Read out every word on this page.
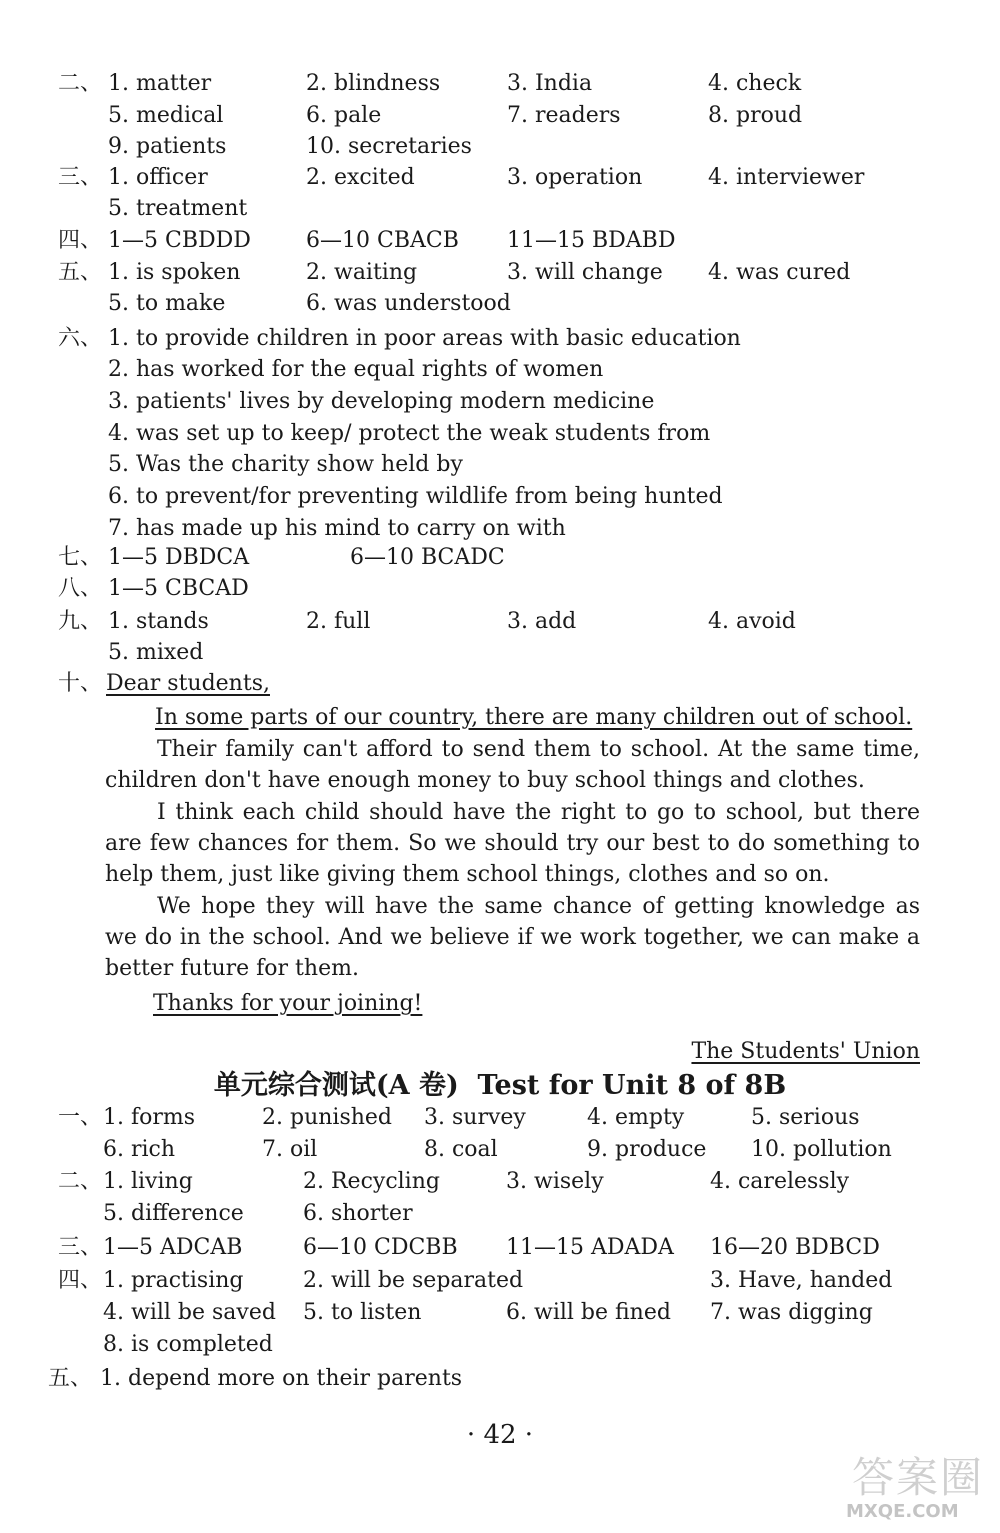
二、 1. matter	2. blindness	3. India	4. check
5. medical	6. pale	7. readers	8. proud
9. patients	10. secretaries
三、 1. officer	2. excited	3. operation	4. interviewer
5. treatment
四、 1—5 CBDDD	6—10 CBACB 11—15 BDABD
五、 1. is spoken	2. waiting	3. will change 4. was cured
5. to make	6. was understood
六、 1. to provide children in poor areas with basic education
2. has worked for the equal rights of women
3. patients' lives by developing modern medicine
4. was set up to keep/ protect the weak students from
5. Was the charity show held by
6. to prevent/for preventing wildlife from being hunted
7. has made up his mind to carry on with
七、 1—5 DBDCA	6—10 BCADC
八、 1—5 CBCAD
九、 1. stands	2. full	3. add	4. avoid
5. mixed
十、 Dear students,
In some parts of our country, there are many children out of school.
Their family can't afford to send them to school. At the same time, children don't have enough money to buy school things and clothes.
I think each child should have the right to go to school, but there are few chances for them. So we should try our best to do something to help them, just like giving them school things, clothes and so on.
We hope they will have the same chance of getting knowledge as we do in the school. And we believe if we work together, we can make a better future for them.
Thanks for your joining!
The Students' Union
单元综合测试(A 卷) Test for Unit 8 of 8B
一、 1. forms	2. punished 3. survey	4. empty	5. serious
6. rich	7. oil	8. coal	9. produce 10. pollution
二、 1. living	2. Recycling	3. wisely	4. carelessly
5. difference	6. shorter
三、 1—5 ADCAB	6—10 CDCBB 11—15 ADADA 16—20 BDBCD
四、 1. practising	2. will be separated	3. Have, handed
4. will be saved 5. to listen	6. will be fined 7. was digging
8. is completed
五、 1. depend more on their parents
· 42 ·
答案圈
MXQE.COM
